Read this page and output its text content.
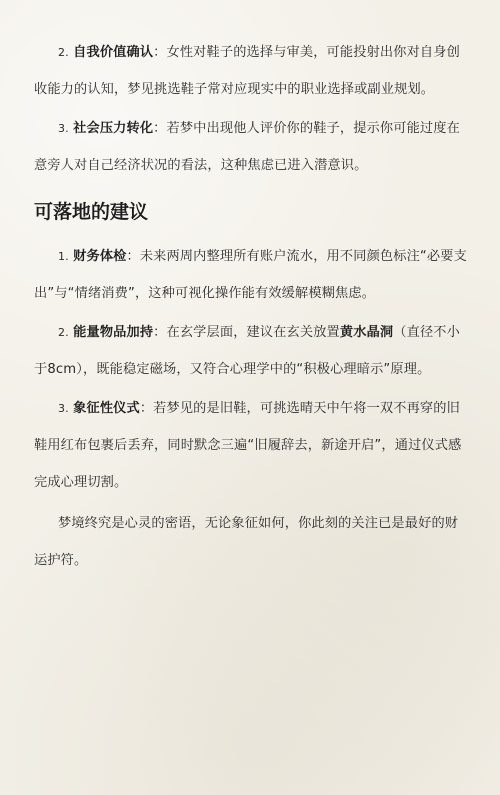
2. 自我价值确认：女性对鞋子的选择与审美，可能投射出你对自身创收能力的认知，梦见挑选鞋子常对应现实中的职业选择或副业规划。

3. 社会压力转化：若梦中出现他人评价你的鞋子，提示你可能过度在意旁人对自己经济状况的看法，这种焦虑已进入潜意识。

可落地的建议

1. 财务体检：未来两周内整理所有账户流水，用不同颜色标注“必要支出”与“情绪消费”，这种可视化操作能有效缓解模糊焦虑。

2. 能量物品加持：在玄学层面，建议在玄关放置黄水晶洞（直径不小于8cm），既能稳定磁场，又符合心理学中的“积极心理暗示”原理。

3. 象征性仪式：若梦见的是旧鞋，可挑选晴天中午将一双不再穿的旧鞋用红布包裹后丢弃，同时默念三遍“旧履辞去，新途开启”，通过仪式感完成心理切割。

梦境终究是心灵的密语，无论象征如何，你此刻的关注已是最好的财运护符。
